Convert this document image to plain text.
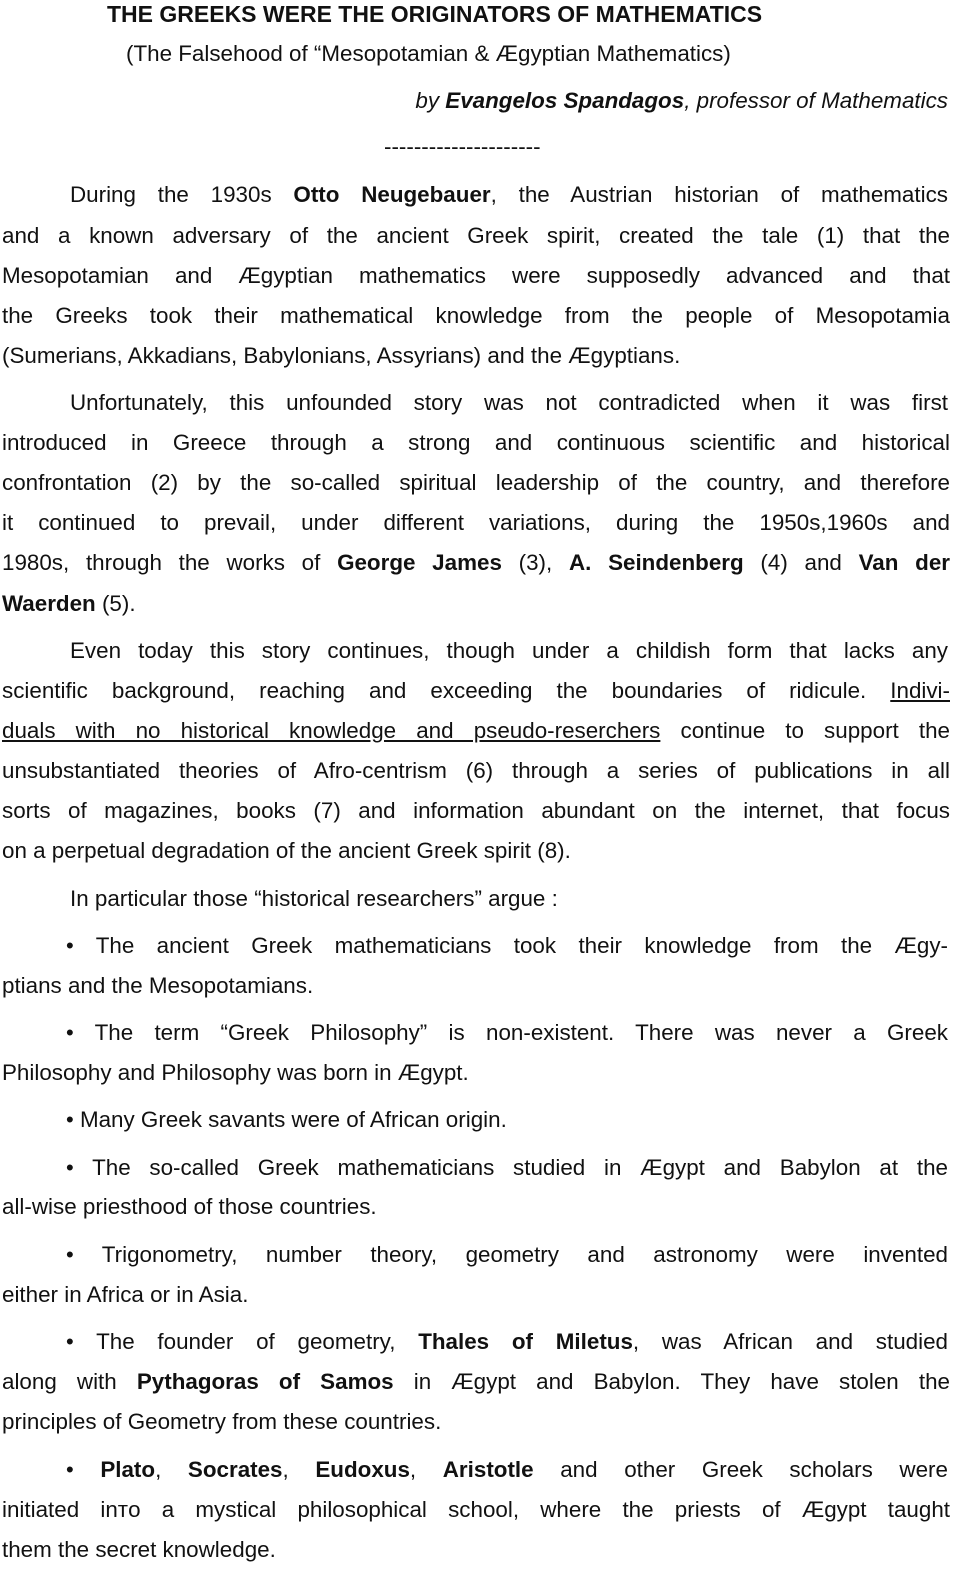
THE GREEKS WERE THE ORIGINATORS OF MATHEMATICS
(The Falsehood of “Mesopotamian & Ægyptian Mathematics)
by Evangelos Spandagos, professor of Mathematics
---------------------
During the 1930s Otto Neugebauer, the Austrian historian of mathematics
and a known adversary of the ancient Greek spirit, created the tale (1) that the
Mesopotamian and Ægyptian mathematics were supposedly advanced and that
the Greeks took their mathematical knowledge from the people of Mesopotamia
(Sumerians, Akkadians, Babylonians, Assyrians) and the Ægyptians.
Unfortunately, this unfounded story was not contradicted when it was first
introduced in Greece through a strong and continuous scientific and historical
confrontation (2) by the so-called spiritual leadership of the country, and therefore
it continued to prevail, under different variations, during the 1950s,1960s and
1980s, through the works of George James (3), A. Seindenberg (4) and Van der
Waerden (5).
Even today this story continues, though under a childish form that lacks any
scientific background, reaching and exceeding the boundaries of ridicule. Indivi-
duals with no historical knowledge and pseudo-reserchers continue to support the
unsubstantiated theories of Afro-centrism (6) through a series of publications in all
sorts of magazines, books (7) and information abundant on the internet, that focus
on a perpetual degradation of the ancient Greek spirit (8).
In particular those “historical researchers” argue :
• The ancient Greek mathematicians took their knowledge from the Ægy-
ptians and the Mesopotamians.
• The term “Greek Philosophy” is non-existent. There was never a Greek
Philosophy and Philosophy was born in Ægypt.
• Many Greek savants were of African origin.
• The so-called Greek mathematicians studied in Ægypt and Babylon at the
all-wise priesthood of those countries.
• Trigonometry, number theory, geometry and astronomy were invented
either in Africa or in Asia.
• The founder of geometry, Thales of Miletus, was African and studied
along with Pythagoras of Samos in Ægypt and Babylon. They have stolen the
principles of Geometry from these countries.
• Plato, Socrates, Eudoxus, Aristotle and other Greek scholars were
initiated inтo a mystical philosophical school, where the priests of Ægypt taught
them the secret knowledge.
